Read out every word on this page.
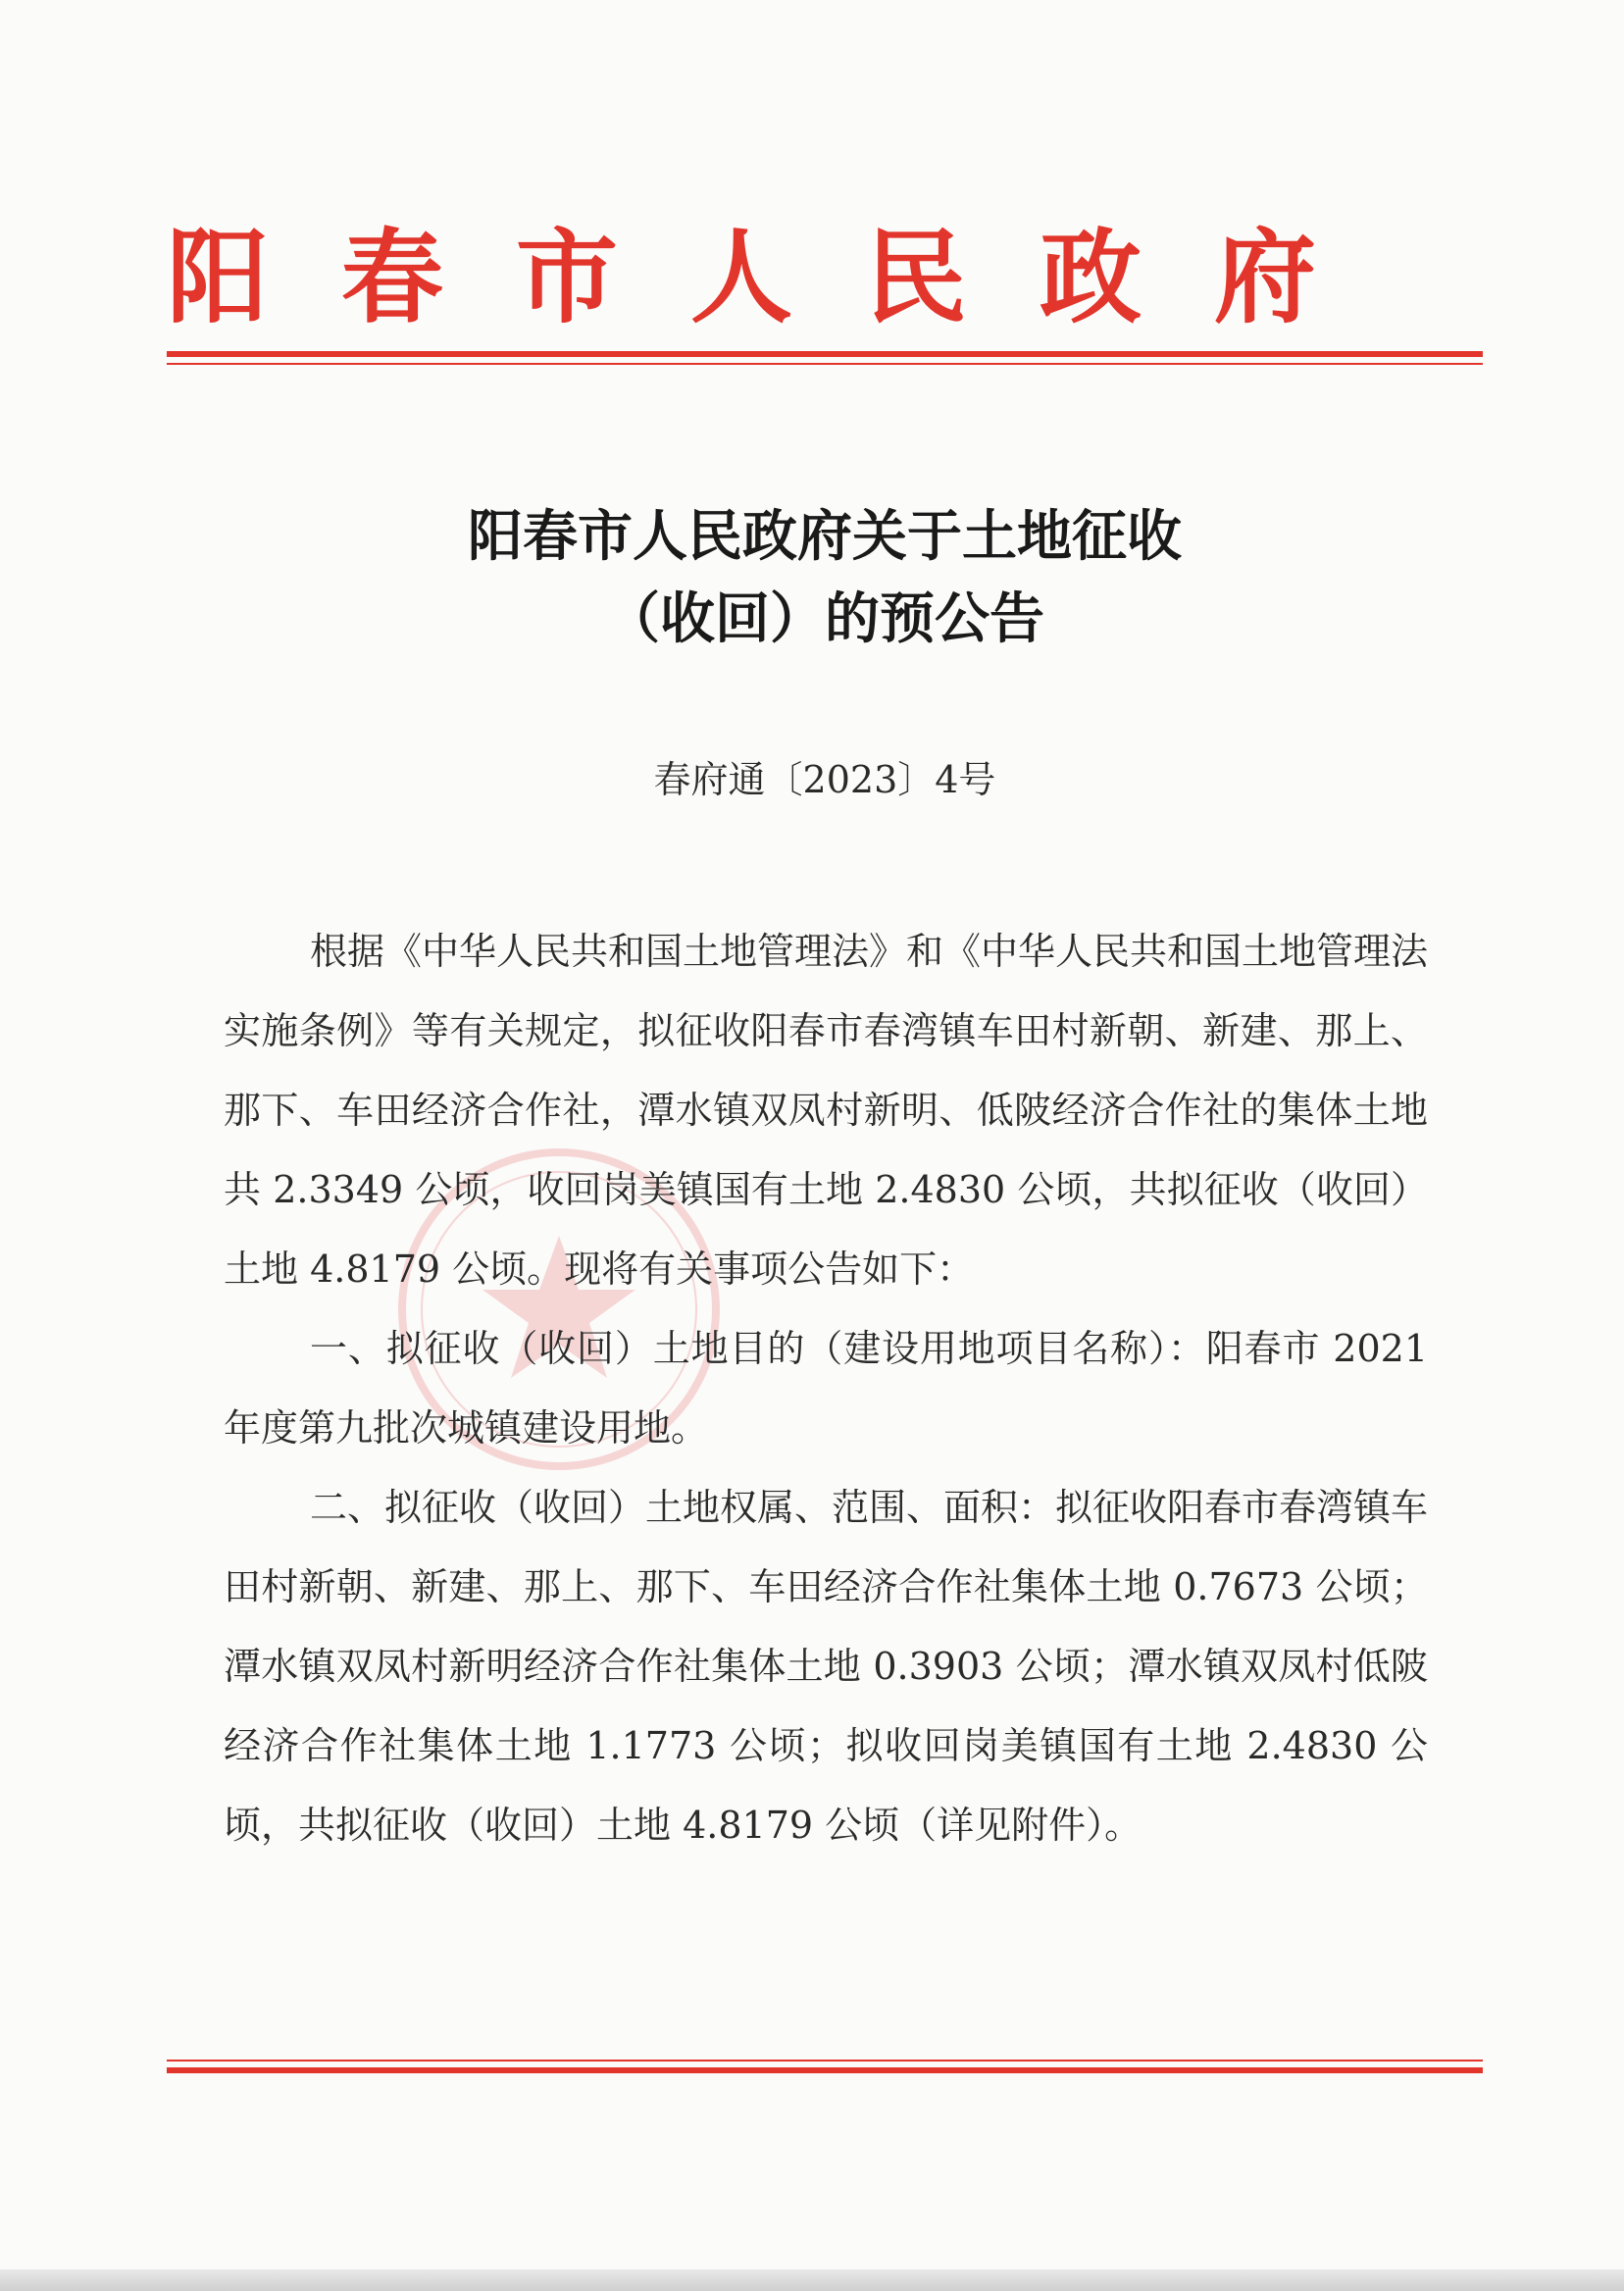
阳春市人民政府
阳春市人民政府关于土地征收
（收回）的预公告
春府通〔2023〕4号

根据《中华人民共和国土地管理法》和《中华人民共和国土地管理法实施条例》等有关规定，拟征收阳春市春湾镇车田村新朝、新建、那上、那下、车田经济合作社，潭水镇双凤村新明、低陂经济合作社的集体土地共 2.3349 公顷，收回岗美镇国有土地 2.4830 公顷，共拟征收（收回）土地 4.8179 公顷。现将有关事项公告如下：

一、拟征收（收回）土地目的（建设用地项目名称）：阳春市 2021 年度第九批次城镇建设用地。

二、拟征收（收回）土地权属、范围、面积：拟征收阳春市春湾镇车田村新朝、新建、那上、那下、车田经济合作社集体土地 0.7673 公顷；潭水镇双凤村新明经济合作社集体土地 0.3903 公顷；潭水镇双凤村低陂经济合作社集体土地 1.1773 公顷；拟收回岗美镇国有土地 2.4830 公顷，共拟征收（收回）土地 4.8179 公顷（详见附件）。
